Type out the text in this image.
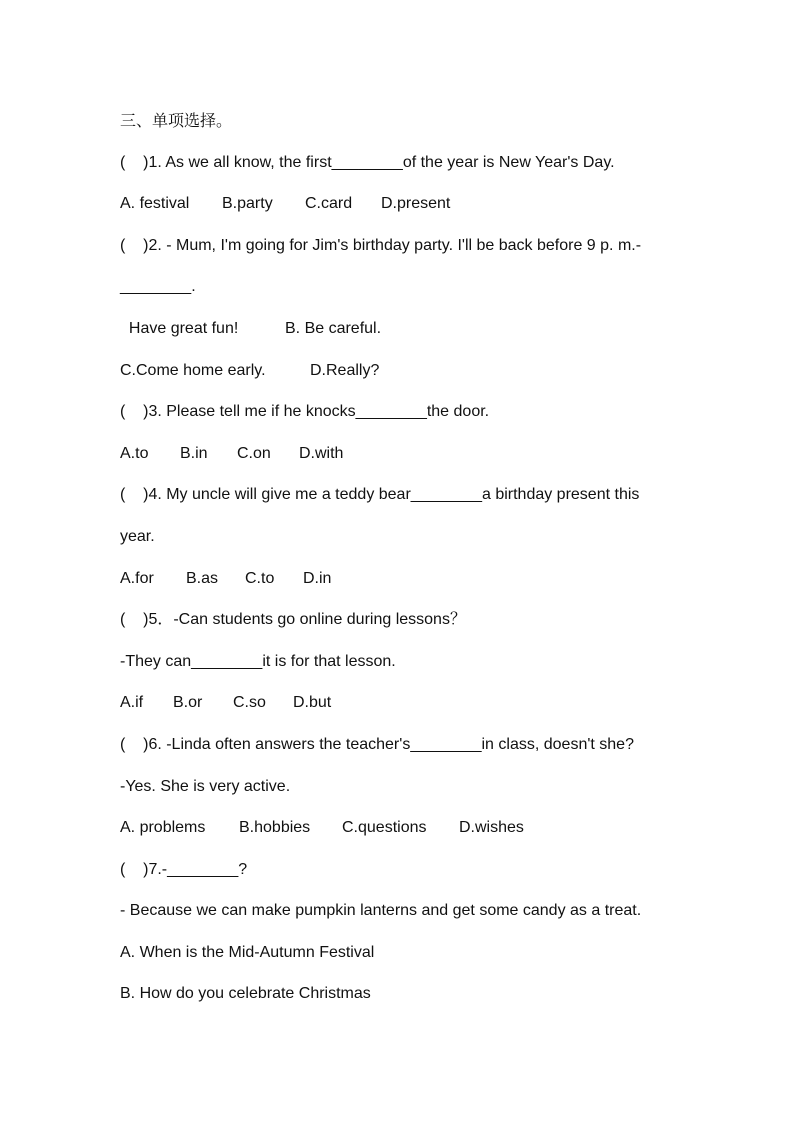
三、单项选择。
(    )1. As we all know, the first________of the year is New Year's Day.
A. festival B.party C.card D.present
(    )2. - Mum, I'm going for Jim's birthday party. I'll be back before 9 p. m.-
________.
Have great fun!	B. Be careful.
C.Come home early.	D.Really?
(    )3. Please tell me if he knocks________the door.
A.to B.in C.on D.with
(    )4. My uncle will give me a teddy bear________a birthday present this
year.
A.for B.as C.to D.in
(    )5．-Can students go online during lessons？
-They can________it is for that lesson.
A.if B.or C.so D.but
(    )6. -Linda often answers the teacher's________in class, doesn't she?
-Yes. She is very active.
A. problems B.hobbies C.questions D.wishes
(    )7.-________?
- Because we can make pumpkin lanterns and get some candy as a treat.
A. When is the Mid-Autumn Festival
B. How do you celebrate Christmas
